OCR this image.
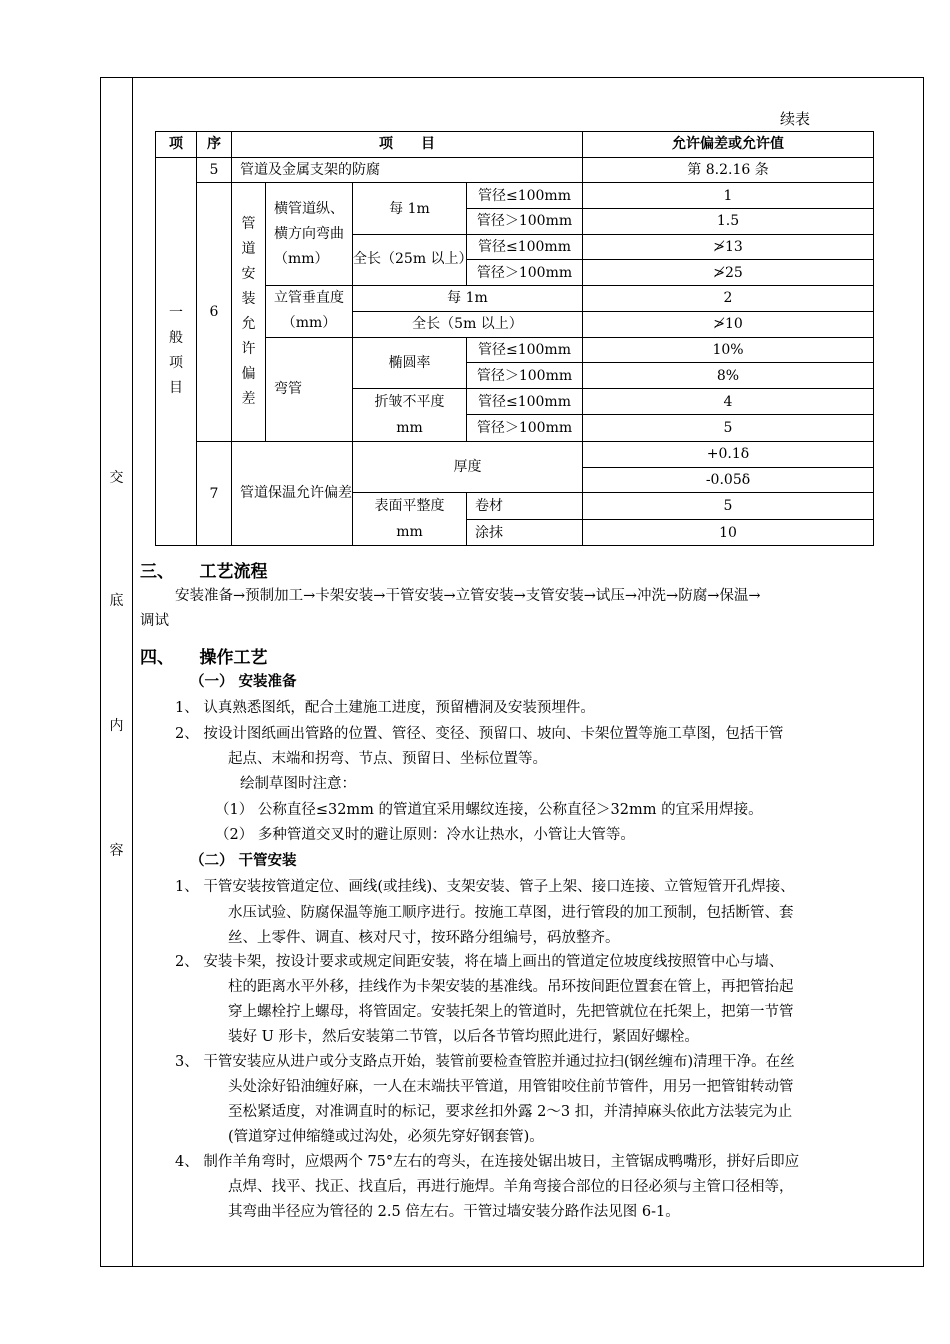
交
底
内
容
续表
项	序	项　　目				允许偏差或允许值

一般项目	5	管道及金属支架的防腐				第 8.2.16 条
	6	管道安装允许偏差	横管道纵、横方向弯曲（mm）	每 1m	管径≤100mm	1
					管径＞100mm	1.5
				全长（25m 以上）	管径≤100mm	≯13
					管径＞100mm	≯25
			立管垂直度（mm）	每 1m		2
				全长（5m 以上）		≯10
			弯管	椭圆率	管径≤100mm	10%
					管径＞100mm	8%
				折皱不平度 mm	管径≤100mm	4
					管径＞100mm	5
	7	管道保温允许偏差		厚度		+0.1δ
						-0.05δ
				表面平整度 mm	卷材	5
					涂抹	10
三、　　工艺流程
安装准备→预制加工→卡架安装→干管安装→立管安装→支管安装→试压→冲洗→防腐→保温→
调试
四、　　操作工艺
（一） 安装准备
1、 认真熟悉图纸，配合土建施工进度，预留槽洞及安装预埋件。
2、 按设计图纸画出管路的位置、管径、变径、预留口、坡向、卡架位置等施工草图，包括干管
起点、末端和拐弯、节点、预留日、坐标位置等。
绘制草图时注意：
（1） 公称直径≤32mm 的管道宜采用螺纹连接，公称直径＞32mm 的宜采用焊接。
（2） 多种管道交叉时的避让原则：冷水让热水，小管让大管等。
（二） 干管安装
1、 干管安装按管道定位、画线(或挂线)、支架安装、管子上架、接口连接、立管短管开孔焊接、
水压试验、防腐保温等施工顺序进行。按施工草图，进行管段的加工预制，包括断管、套
丝、上零件、调直、核对尺寸，按环路分组编号，码放整齐。
2、 安装卡架，按设计要求或规定间距安装，将在墙上画出的管道定位坡度线按照管中心与墙、
柱的距离水平外移，挂线作为卡架安装的基准线。吊环按间距位置套在管上，再把管抬起
穿上螺栓拧上螺母，将管固定。安装托架上的管道时，先把管就位在托架上，把第一节管
装好 U 形卡，然后安装第二节管，以后各节管均照此进行，紧固好螺栓。
3、 干管安装应从进户或分支路点开始，装管前要检查管腔并通过拉扫(钢丝缠布)清理干净。在丝
头处涂好铅油缠好麻，一人在末端扶平管道，用管钳咬住前节管件，用另一把管钳转动管
至松紧适度，对准调直时的标记，要求丝扣外露 2～3 扣，并清掉麻头依此方法装完为止
(管道穿过伸缩缝或过沟处，必须先穿好钢套管)。
4、 制作羊角弯时，应煨两个 75°左右的弯头，在连接处锯出坡日，主管锯成鸭嘴形，拼好后即应
点焊、找平、找正、找直后，再进行施焊。羊角弯接合部位的日径必须与主管口径相等，
其弯曲半径应为管径的 2.5 倍左右。干管过墙安装分路作法见图 6-1。
